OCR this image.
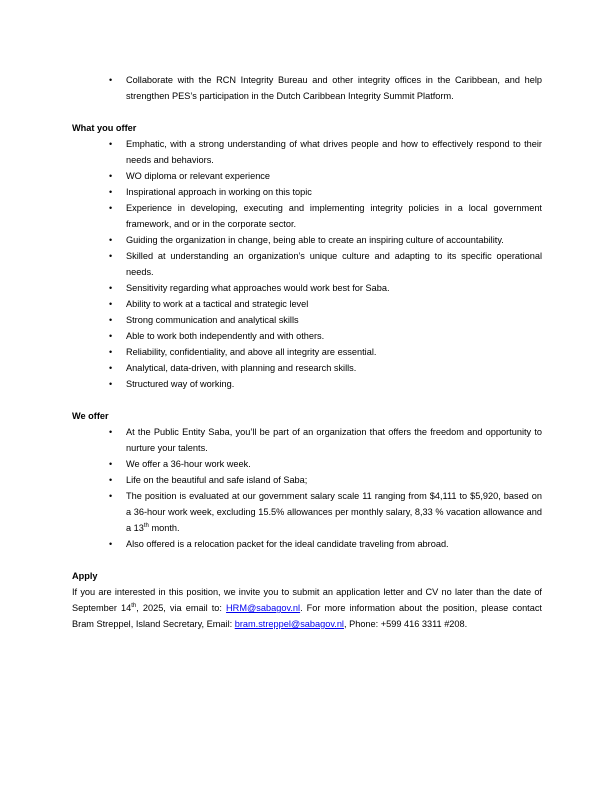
• Collaborate with the RCN Integrity Bureau and other integrity offices in the Caribbean, and help strengthen PES’s participation in the Dutch Caribbean Integrity Summit Platform.

What you offer

• Emphatic, with a strong understanding of what drives people and how to effectively respond to their needs and behaviors.
• WO diploma or relevant experience
• Inspirational approach in working on this topic
• Experience in developing, executing and implementing integrity policies in a local government framework, and or in the corporate sector.
• Guiding the organization in change, being able to create an inspiring culture of accountability.
• Skilled at understanding an organization’s unique culture and adapting to its specific operational needs.
• Sensitivity regarding what approaches would work best for Saba.
• Ability to work at a tactical and strategic level
• Strong communication and analytical skills
• Able to work both independently and with others.
• Reliability, confidentiality, and above all integrity are essential.
• Analytical, data-driven, with planning and research skills.
• Structured way of working.

We offer

• At the Public Entity Saba, you’ll be part of an organization that offers the freedom and opportunity to nurture your talents.
• We offer a 36-hour work week.
• Life on the beautiful and safe island of Saba;
• The position is evaluated at our government salary scale 11 ranging from $4,111 to $5,920, based on a 36-hour work week, excluding 15.5% allowances per monthly salary, 8,33 % vacation allowance and a 13th month.
• Also offered is a relocation packet for the ideal candidate traveling from abroad.

Apply

If you are interested in this position, we invite you to submit an application letter and CV no later than the date of September 14th, 2025, via email to: HRM@sabagov.nl. For more information about the position, please contact Bram Streppel, Island Secretary, Email: bram.streppel@sabagov.nl, Phone: +599 416 3311 #208.
